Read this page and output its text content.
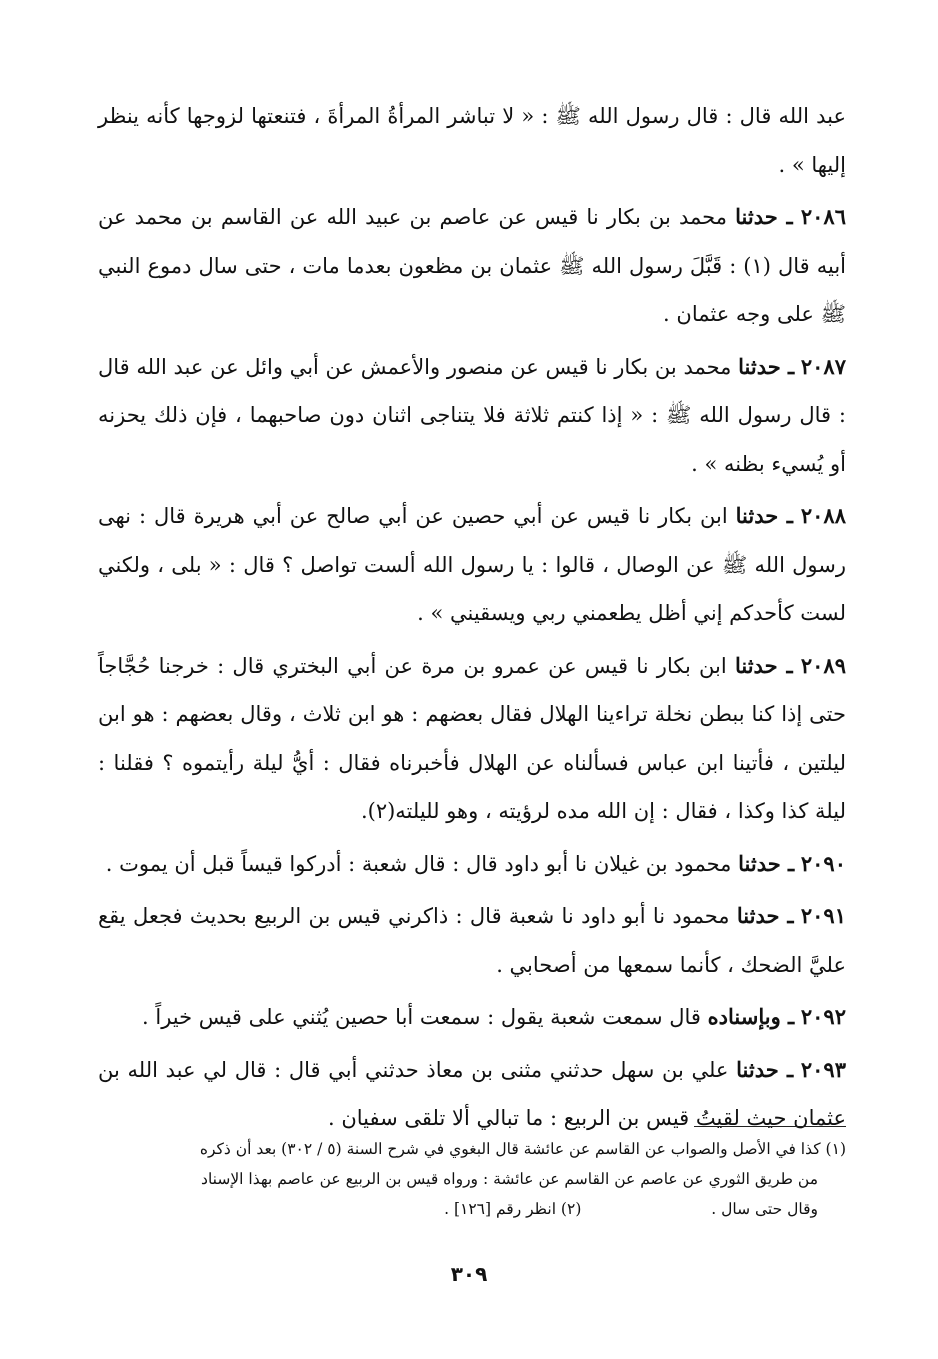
عبد الله قال : قال رسول الله ﷺ : « لا تباشر المرأةُ المرأةَ ، فتنعتها لزوجها كأنه ينظر إليها » .

٢٠٨٦ ـ حدثنا محمد بن بكار نا قيس عن عاصم بن عبيد الله عن القاسم بن محمد عن أبيه قال (١) : قَبَّلَ رسول الله ﷺ عثمان بن مظعون بعدما مات ، حتى سال دموع النبي ﷺ على وجه عثمان .

٢٠٨٧ ـ حدثنا محمد بن بكار نا قيس عن منصور والأعمش عن أبي وائل عن عبد الله قال : قال رسول الله ﷺ : « إذا كنتم ثلاثة فلا يتناجى اثنان دون صاحبهما ، فإن ذلك يحزنه أو يُسيء بظنه » .

٢٠٨٨ ـ حدثنا ابن بكار نا قيس عن أبي حصين عن أبي صالح عن أبي هريرة قال : نهى رسول الله ﷺ عن الوصال ، قالوا : يا رسول الله ألست تواصل ؟ قال : « بلى ، ولكني لست كأحدكم إني أظل يطعمني ربي ويسقيني » .

٢٠٨٩ ـ حدثنا ابن بكار نا قيس عن عمرو بن مرة عن أبي البختري قال : خرجنا حُجَّاجاً حتى إذا كنا ببطن نخلة تراءينا الهلال فقال بعضهم : هو ابن ثلاث ، وقال بعضهم : هو ابن ليلتين ، فأتينا ابن عباس فسألناه عن الهلال فأخبرناه فقال : أيُّ ليلة رأيتموه ؟ فقلنا : ليلة كذا وكذا ، فقال : إن الله مده لرؤيته ، وهو لليلته(٢).

٢٠٩٠ ـ حدثنا محمود بن غيلان نا أبو داود قال : قال شعبة : أدركوا قيساً قبل أن يموت .

٢٠٩١ ـ حدثنا محمود نا أبو داود نا شعبة قال : ذاكرني قيس بن الربيع بحديث فجعل يقع عليَّ الضحك ، كأنما سمعها من أصحابي .

٢٠٩٢ ـ وبإسناده قال سمعت شعبة يقول : سمعت أبا حصين يُثني على قيس خيراً .

٢٠٩٣ ـ حدثنا علي بن سهل حدثني مثنى بن معاذ حدثني أبي قال : قال لي عبد الله بن عثمان حيث لقيتُ قيس بن الربيع : ما تبالي ألا تلقى سفيان .

(١) كذا في الأصل والصواب عن القاسم عن عائشة قال البغوي في شرح السنة (٥ / ٣٠٢) بعد أن ذكره

من طريق الثوري عن عاصم عن القاسم عن عائشة : ورواه قيس بن الربيع عن عاصم بهذا الإسناد

وقال حتى سال .  (٢) انظر رقم [١٢٦] .

٣٠٩
